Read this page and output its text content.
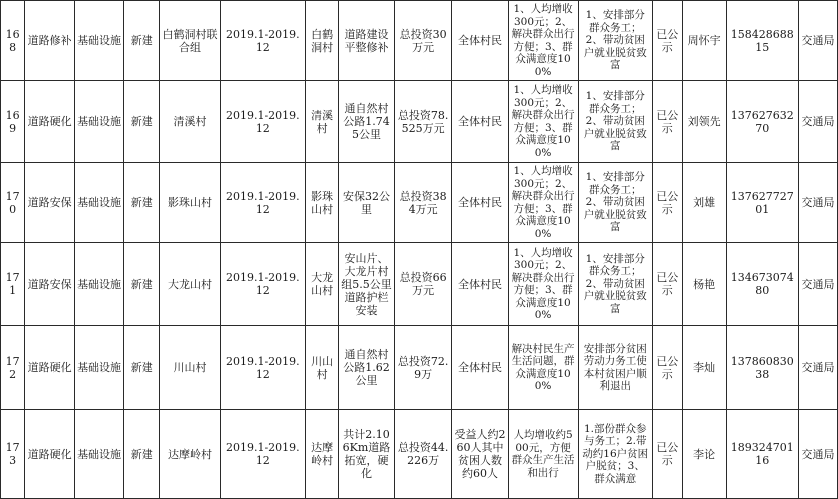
168	道路修补	基础设施	新建	白鹤洞村联合组	2019.1-2019.12	白鹤洞村	道路建设平整修补	总投资30万元	全体村民	1、人均增收300元；2、解决群众出行方便；3、群众满意度100%	1、安排部分群众务工；2、带动贫困户就业脱贫致富	已公示	周怀宇	15842868815	交通局
169	道路硬化	基础设施	新建	清溪村	2019.1-2019.12	清溪村	通自然村公路1.745公里	总投资78.525万元	全体村民	1、人均增收300元；2、解决群众出行方便；3、群众满意度100%	1、安排部分群众务工；2、带动贫困户就业脱贫致富	已公示	刘领先	13762763270	交通局
170	道路安保	基础设施	新建	影珠山村	2019.1-2019.12	影珠山村	安保32公里	总投资384万元	全体村民	1、人均增收300元；2、解决群众出行方便；3、群众满意度100%	1、安排部分群众务工；2、带动贫困户就业脱贫致富	已公示	刘雄	13762772701	交通局
171	道路安保	基础设施	新建	大龙山村	2019.1-2019.12	大龙山村	安山片、大龙片村组5.5公里道路护栏安装	总投资66万元	全体村民	1、人均增收300元；2、解决群众出行方便；3、群众满意度100%	1、安排部分群众务工；2、带动贫困户就业脱贫致富	已公示	杨艳	13467307480	交通局
172	道路硬化	基础设施	新建	川山村	2019.1-2019.12	川山村	通自然村公路1.62公里	总投资72.9万	全体村民	解决村民生产生活问题，群众满意度100%	安排部分贫困劳动力务工使本村贫困户顺利退出	已公示	李灿	13786083038	交通局
173	道路硬化	基础设施	新建	达摩岭村	2019.1-2019.12	达摩岭村	共计2.106Km道路拓宽，硬化	总投资44.226万	受益人约260人其中贫困人数约60人	人均增收约500元，方便群众生产生活和出行	1.部份群众参与务工；2.带动约16户贫困户脱贫；3、群众满意	已公示	李论	18932470116	交通局
